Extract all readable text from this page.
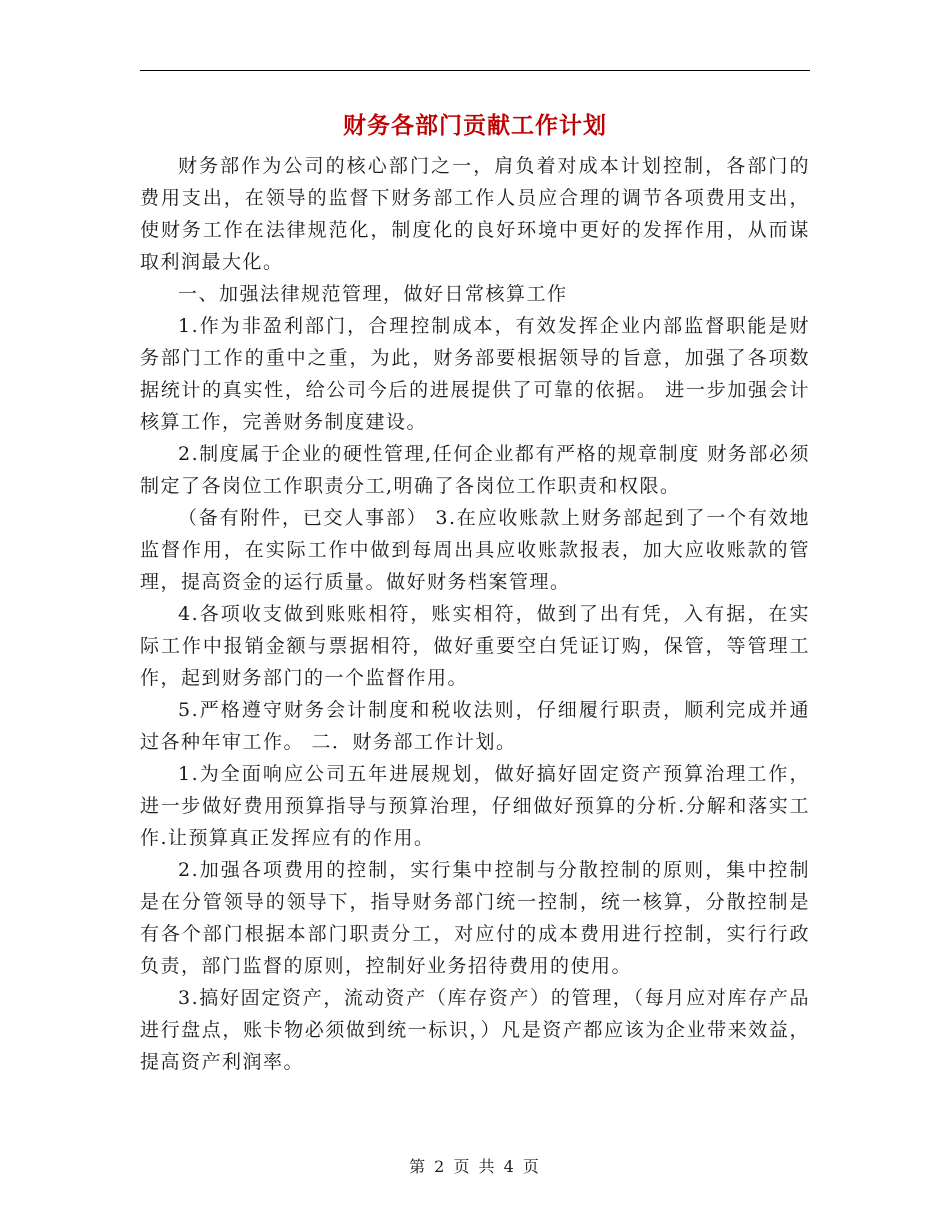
财务各部门贡献工作计划

财务部作为公司的核心部门之一，肩负着对成本计划控制，各部门的费用支出，在领导的监督下财务部工作人员应合理的调节各项费用支出，使财务工作在法律规范化，制度化的良好环境中更好的发挥作用，从而谋取利润最大化。

一、加强法律规范管理，做好日常核算工作

1.作为非盈利部门，合理控制成本，有效发挥企业内部监督职能是财务部门工作的重中之重，为此，财务部要根据领导的旨意，加强了各项数据统计的真实性，给公司今后的进展提供了可靠的依据。 进一步加强会计核算工作，完善财务制度建设。

2.制度属于企业的硬性管理,任何企业都有严格的规章制度 财务部必须制定了各岗位工作职责分工,明确了各岗位工作职责和权限。

（备有附件，已交人事部） 3.在应收账款上财务部起到了一个有效地监督作用，在实际工作中做到每周出具应收账款报表，加大应收账款的管理，提高资金的运行质量。做好财务档案管理。

4.各项收支做到账账相符，账实相符，做到了出有凭，入有据，在实际工作中报销金额与票据相符，做好重要空白凭证订购，保管，等管理工作，起到财务部门的一个监督作用。

5.严格遵守财务会计制度和税收法则，仔细履行职责，顺利完成并通过各种年审工作。 二．财务部工作计划。

1.为全面响应公司五年进展规划，做好搞好固定资产预算治理工作，进一步做好费用预算指导与预算治理，仔细做好预算的分析.分解和落实工作.让预算真正发挥应有的作用。

2.加强各项费用的控制，实行集中控制与分散控制的原则，集中控制是在分管领导的领导下，指导财务部门统一控制，统一核算，分散控制是有各个部门根据本部门职责分工，对应付的成本费用进行控制，实行行政负责，部门监督的原则，控制好业务招待费用的使用。

3.搞好固定资产，流动资产（库存资产）的管理，（每月应对库存产品进行盘点，账卡物必须做到统一标识，）凡是资产都应该为企业带来效益，提高资产利润率。

第 2 页 共 4 页
